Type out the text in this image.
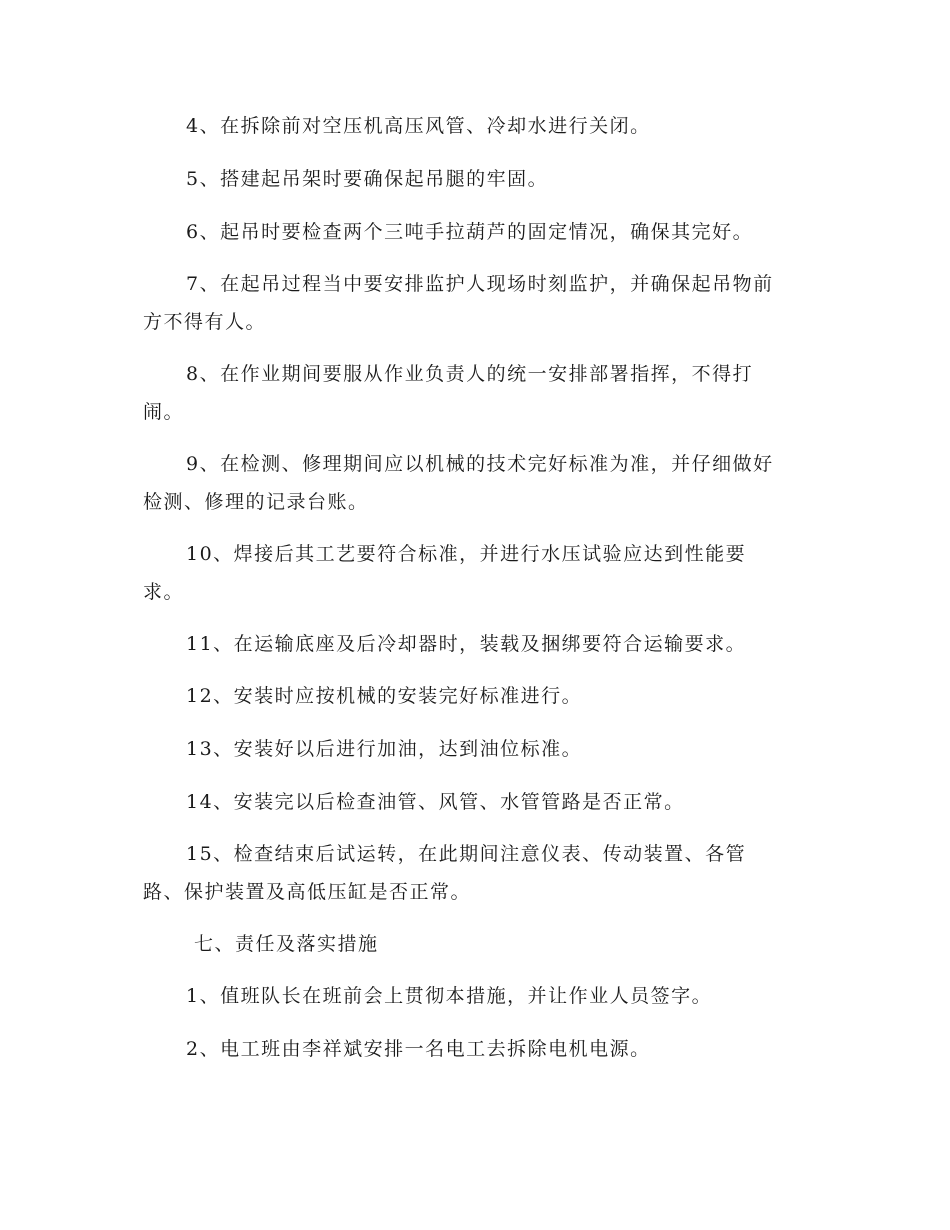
4、在拆除前对空压机高压风管、冷却水进行关闭。
5、搭建起吊架时要确保起吊腿的牢固。
6、起吊时要检查两个三吨手拉葫芦的固定情况，确保其完好。
7、在起吊过程当中要安排监护人现场时刻监护，并确保起吊物前
方不得有人。
8、在作业期间要服从作业负责人的统一安排部署指挥，不得打
闹。
9、在检测、修理期间应以机械的技术完好标准为准，并仔细做好
检测、修理的记录台账。
10、焊接后其工艺要符合标准，并进行水压试验应达到性能要
求。
11、在运输底座及后冷却器时，装载及捆绑要符合运输要求。
12、安装时应按机械的安装完好标准进行。
13、安装好以后进行加油，达到油位标准。
14、安装完以后检查油管、风管、水管管路是否正常。
15、检查结束后试运转，在此期间注意仪表、传动装置、各管
路、保护装置及高低压缸是否正常。
七、责任及落实措施
1、值班队长在班前会上贯彻本措施，并让作业人员签字。
2、电工班由李祥斌安排一名电工去拆除电机电源。
